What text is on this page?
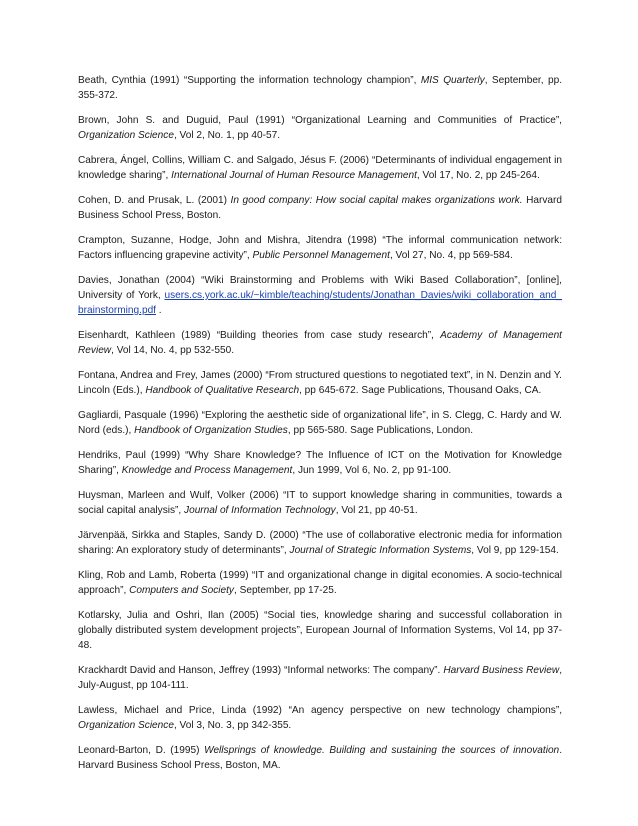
Beath, Cynthia (1991) “Supporting the information technology champion”, MIS Quarterly, September, pp. 355-372.

Brown, John S. and Duguid, Paul (1991) “Organizational Learning and Communities of Practice”, Organization Science, Vol 2, No. 1, pp 40-57.

Cabrera, Ángel, Collins, William C. and Salgado, Jésus F. (2006) “Determinants of individual engagement in knowledge sharing”, International Journal of Human Resource Management, Vol 17, No. 2, pp 245-264.

Cohen, D. and Prusak, L. (2001) In good company: How social capital makes organizations work. Harvard Business School Press, Boston.

Crampton, Suzanne, Hodge, John and Mishra, Jitendra (1998) “The informal communication network: Factors influencing grapevine activity”, Public Personnel Management, Vol 27, No. 4, pp 569-584.

Davies, Jonathan (2004) “Wiki Brainstorming and Problems with Wiki Based Collaboration”, [online], University of York, users.cs.york.ac.uk/~kimble/teaching/students/Jonathan_Davies/wiki_collaboration_and_brainstorming.pdf .

Eisenhardt, Kathleen (1989) “Building theories from case study research”, Academy of Management Review, Vol 14, No. 4, pp 532-550.

Fontana, Andrea and Frey, James (2000) “From structured questions to negotiated text”, in N. Denzin and Y. Lincoln (Eds.), Handbook of Qualitative Research, pp 645-672. Sage Publications, Thousand Oaks, CA.

Gagliardi, Pasquale (1996) “Exploring the aesthetic side of organizational life”, in S. Clegg, C. Hardy and W. Nord (eds.), Handbook of Organization Studies, pp 565-580. Sage Publications, London.

Hendriks, Paul (1999) “Why Share Knowledge? The Influence of ICT on the Motivation for Knowledge Sharing”, Knowledge and Process Management, Jun 1999, Vol 6, No. 2, pp 91-100.

Huysman, Marleen and Wulf, Volker (2006) “IT to support knowledge sharing in communities, towards a social capital analysis”, Journal of Information Technology, Vol 21, pp 40-51.

Järvenpää, Sirkka and Staples, Sandy D. (2000) “The use of collaborative electronic media for information sharing: An exploratory study of determinants”, Journal of Strategic Information Systems, Vol 9, pp 129-154.

Kling, Rob and Lamb, Roberta (1999) “IT and organizational change in digital economies. A socio-technical approach”, Computers and Society, September, pp 17-25.

Kotlarsky, Julia and Oshri, Ilan (2005) “Social ties, knowledge sharing and successful collaboration in globally distributed system development projects”, European Journal of Information Systems, Vol 14, pp 37-48.

Krackhardt David and Hanson, Jeffrey (1993) “Informal networks: The company”. Harvard Business Review, July-August, pp 104-111.

Lawless, Michael and Price, Linda (1992) “An agency perspective on new technology champions”, Organization Science, Vol 3, No. 3, pp 342-355.

Leonard-Barton, D. (1995) Wellsprings of knowledge. Building and sustaining the sources of innovation. Harvard Business School Press, Boston, MA.
